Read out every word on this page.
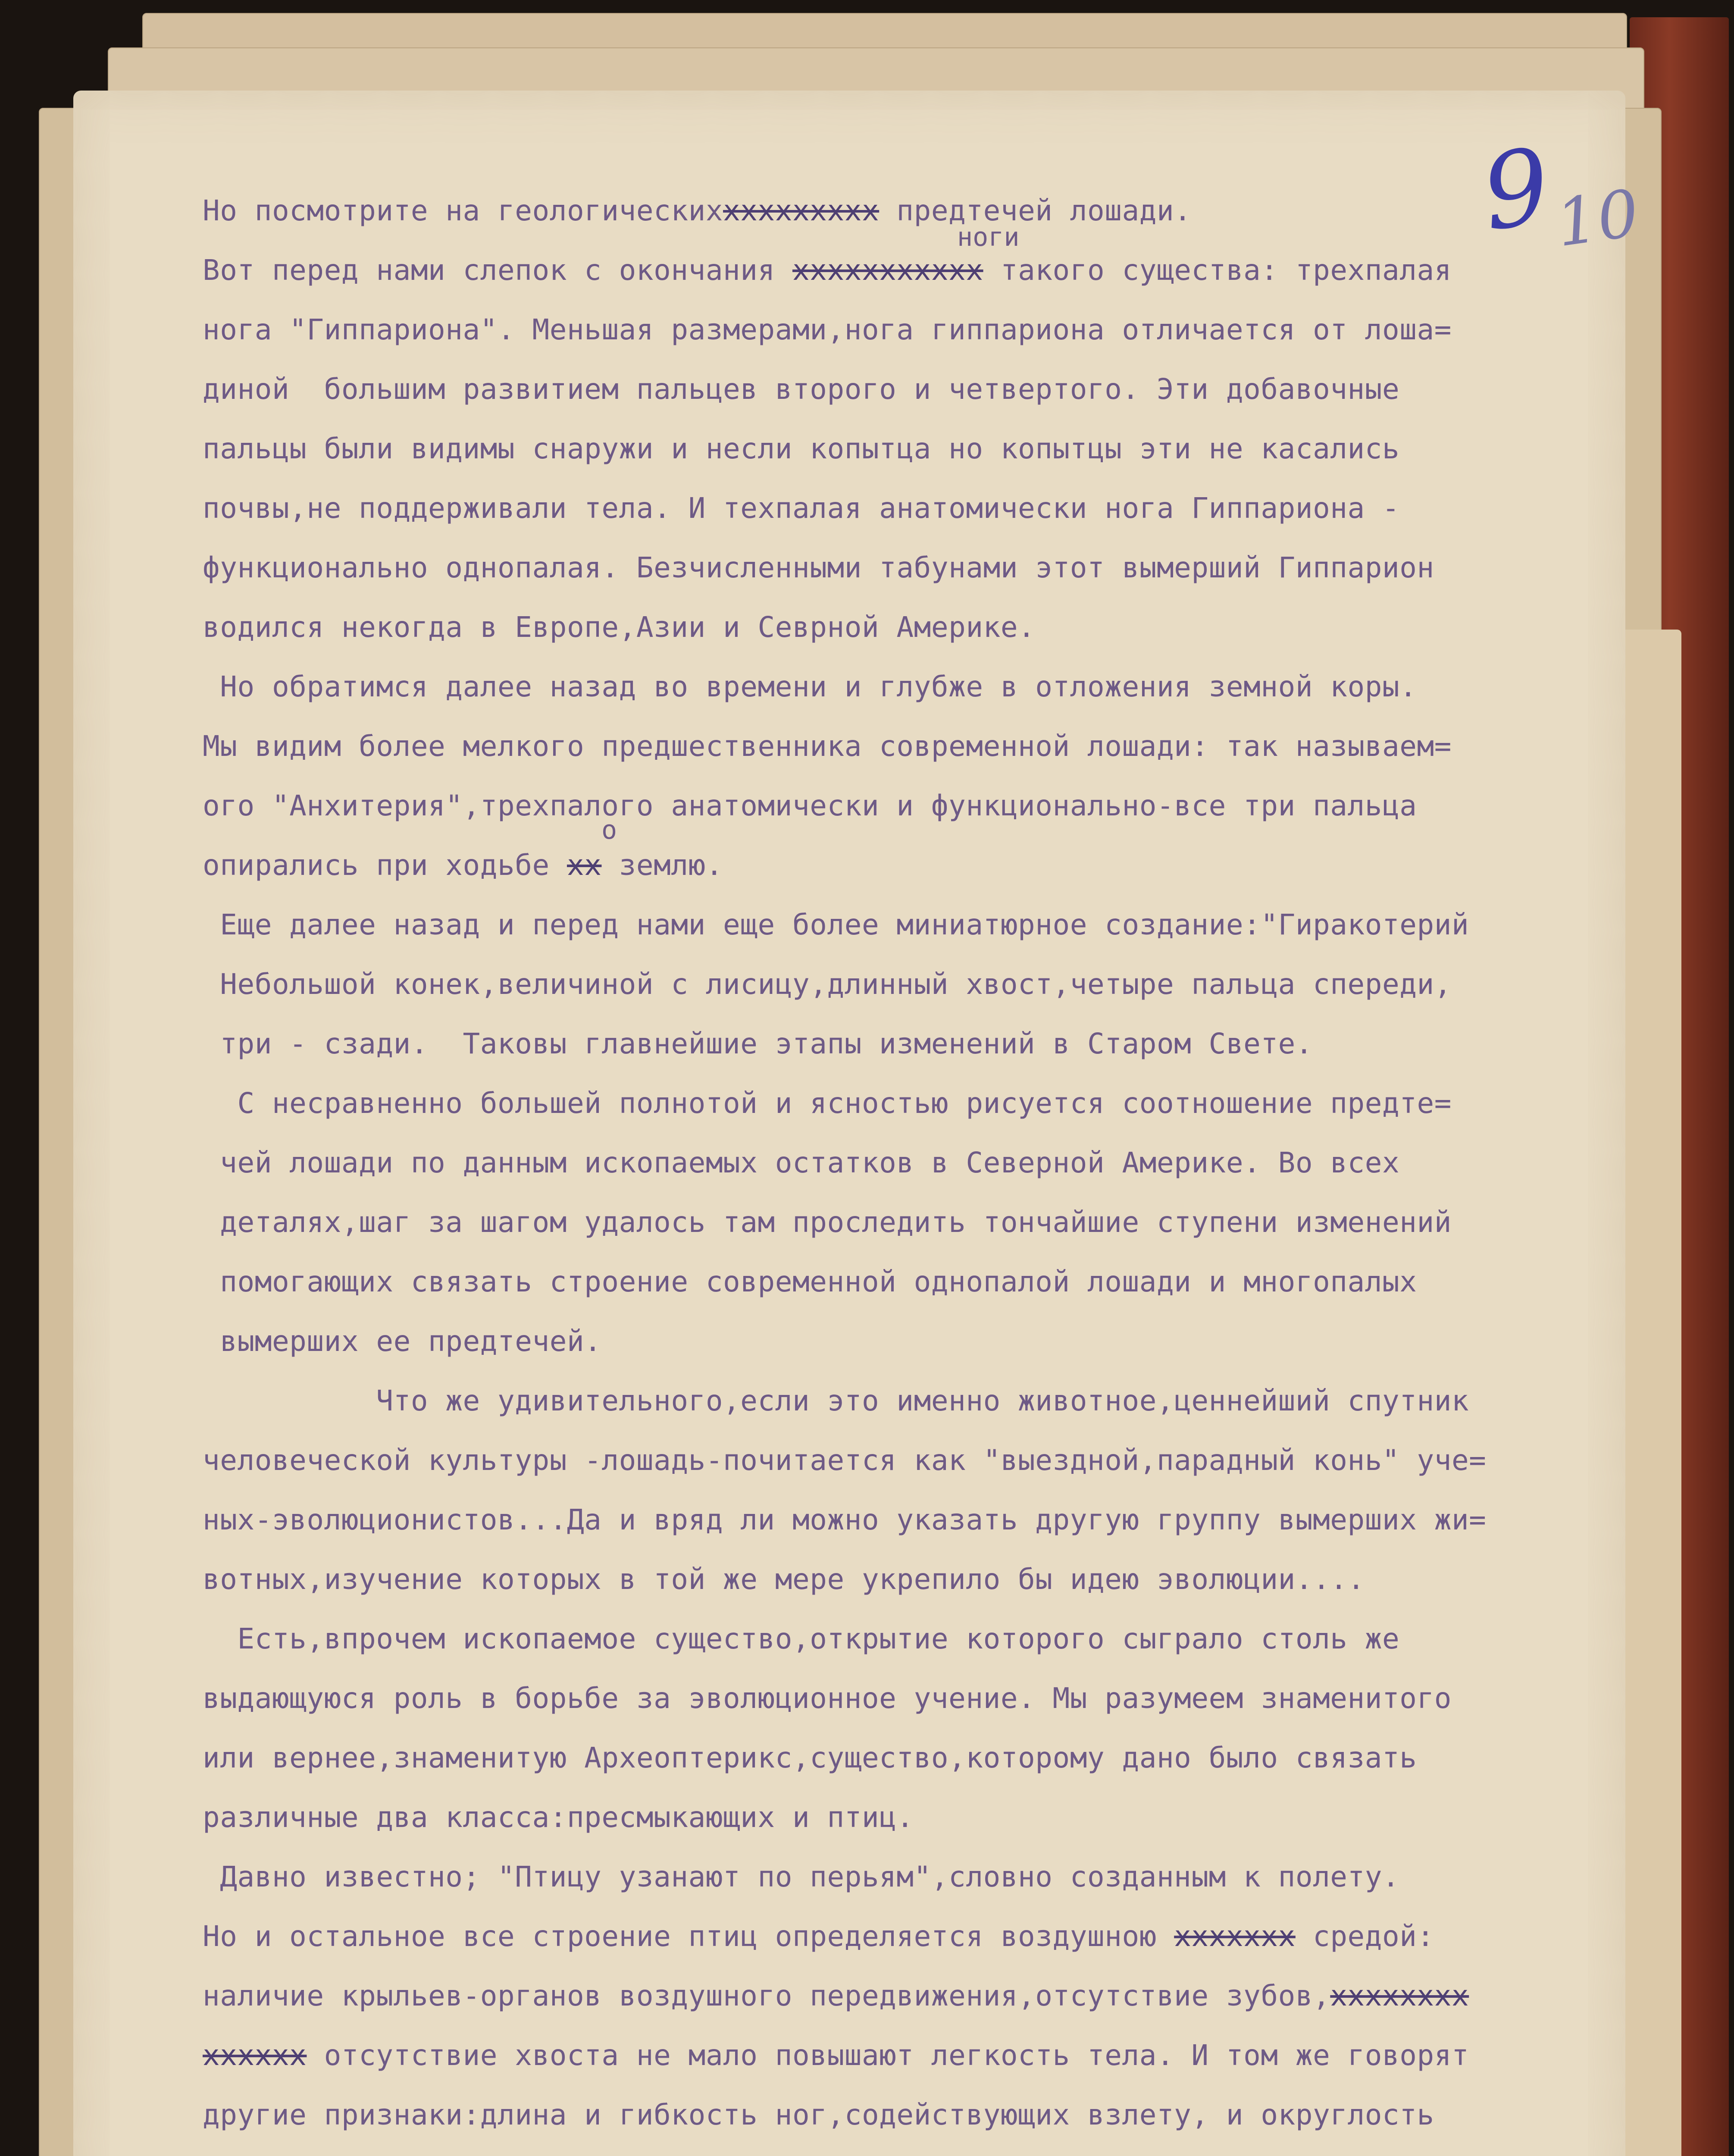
9
10
ноги
о
Но посмотрите на геологическихxxxxxxxxx предтечей лошади.
Вот перед нами слепок с окончания xxxxxxxxxxx такого существа: трехпалая
нога "Гиппариона". Меньшая размерами,нога гиппариона отличается от лоша=
диной  большим развитием пальцев второго и четвертого. Эти добавочные
пальцы были видимы снаружи и несли копытца но копытцы эти не касались
почвы,не поддерживали тела. И техпалая анатомически нога Гиппариона -
функционально однопалая. Безчисленными табунами этот вымерший Гиппарион
водился некогда в Европе,Азии и Севрной Америке.
Но обратимся далее назад во времени и глубже в отложения земной коры.
Мы видим более мелкого предшественника современной лошади: так называем=
ого "Анхитерия",трехпалого анатомически и функционально-все три пальца
опирались при ходьбе xx землю.
Еще далее назад и перед нами еще более миниатюрное создание:"Гиракотерий
Небольшой конек,величиной с лисицу,длинный хвост,четыре пальца спереди,
три - сзади.  Таковы главнейшие этапы изменений в Старом Свете.
С несравненно большей полнотой и ясностью рисуется соотношение предте=
чей лошади по данным ископаемых остатков в Северной Америке. Во всех
деталях,шаг за шагом удалось там проследить тончайшие ступени изменений
помогающих связать строение современной однопалой лошади и многопалых
вымерших ее предтечей.
Что же удивительного,если это именно животное,ценнейший спутник
человеческой культуры -лошадь-почитается как "выездной,парадный конь" уче=
ных-эволюционистов...Да и вряд ли можно указать другую группу вымерших жи=
вотных,изучение которых в той же мере укрепило бы идею эволюции....
Есть,впрочем ископаемое существо,открытие которого сыграло столь же
выдающуюся роль в борьбе за эволюционное учение. Мы разумеем знаменитого
или вернее,знаменитую Археоптерикс,существо,которому дано было связать
различные два класса:пресмыкающих и птиц.
Давно известно; "Птицу узанают по перьям",словно созданным к полету.
Но и остальное все строение птиц определяется воздушною xxxxxxx средой:
наличие крыльев-органов воздушного передвижения,отсутствие зубов,xxxxxxxx
xxxxxx отсутствие хвоста не мало повышают легкость тела. И том же говорят
другие признаки:длина и гибкость ног,содействующих взлету, и округлость
